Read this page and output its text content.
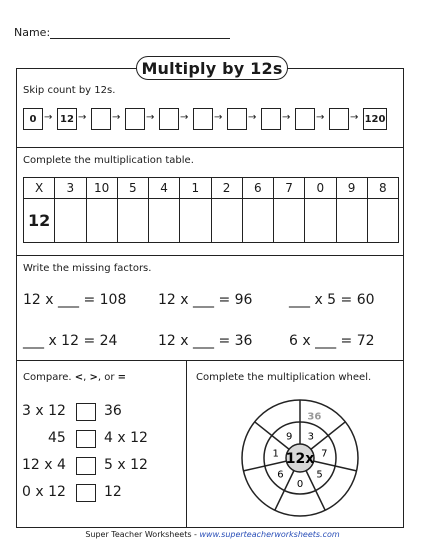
Name:
Multiply by 12s
Skip count by 12s.
0 → 12 →	→	→	→	→	→	→	→	→ 120
Complete the multiplication table.
X	3	10	5	4	1	2	6	7	0	9	8
12											
Write the missing factors.
12 x ___ = 108 12 x ___ = 96	___ x 5 = 60
___ x 12 = 24	12 x ___ = 36	6 x ___ = 72
Compare. <, >, or =
3 x 12	36
45	4 x 12
12 x 4	5 x 12
0 x 12	12
Complete the multiplication wheel.
12x
3
7
5
0
6
1
9
36
Super Teacher Worksheets - www.superteacherworksheets.com
